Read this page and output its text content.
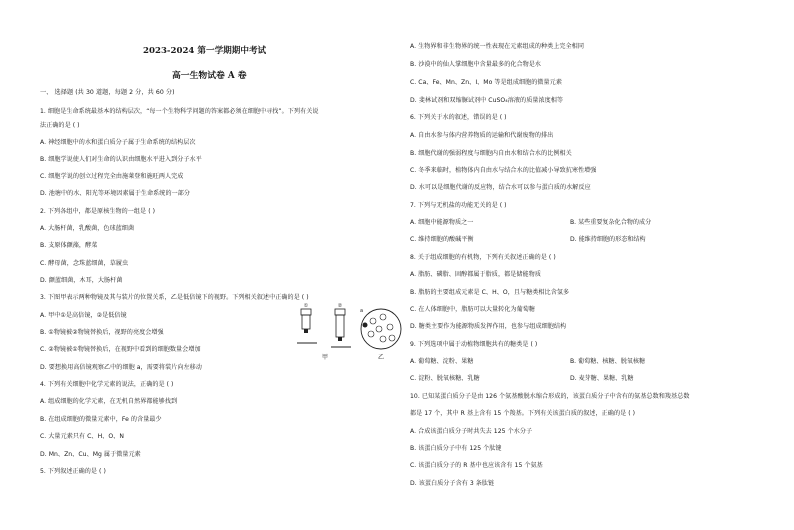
2023-2024 第一学期期中考试
高一生物试卷 A 卷
一、 选择题 (共 30 道题，每题 2 分，共 60 分)
1. 细胞是生命系统最基本的结构层次，“每一个生物科学问题的答案都必须在细胞中寻找”。下列有关说
法正确的是 ( )
A. 神经细胞中的水和蛋白质分子属于生命系统的结构层次
B. 细胞学说使人们对生命的认识由细胞水平进入到分子水平
C. 细胞学说的创立过程完全由施莱登和施旺两人完成
D. 池塘中的水、阳光等环境因素属于生命系统的一部分
2. 下列各组中，都是原核生物的一组是 ( )
A. 大肠杆菌，乳酸菌，色球蓝细菌
B. 支原体颤藻，酵菜
C. 酵母菌，念珠蓝细菌，草履虫
D. 颤蓝细菌，木耳，大肠杆菌
3. 下图甲表示两种物镜及其与装片的位置关系，乙是低倍镜下的视野。下列相关叙述中正确的是 ( )
A. 甲中①是高倍镜，②是低倍镜
B. ①物镜被②物镜替换后，视野的亮度会增强
C. ②物镜被①物镜替换后，在视野中看到的细胞数量会增加
D. 要想换用高倍镜观察乙中的细胞 a，需要将装片向左移动
4. 下列有关细胞中化学元素的说法，正确的是 ( )
A. 组成细胞的化学元素，在无机自然界都能够找到
B. 在组成细胞的微量元素中，Fe 的含量最少
C. 大量元素只有 C、H、O、N
D. Mn、Zn、Cu、Mg 属于微量元素
5. 下列叙述正确的是 ( )
①	②
甲
a
乙
A. 生物界和非生物界的统一性表现在元素组成的种类上完全相同
B. 沙漠中的仙人掌细胞中含量最多的化合物是水
C. Ca、Fe、Mn、Zn、I、Mo 等是组成细胞的微量元素
D. 斐林试剂和双缩脲试剂中 CuSO₄溶液的质量浓度相等
6. 下列关于水的叙述，错误的是 ( )
A. 自由水参与体内营养物质的运输和代谢废物的排出
B. 细胞代谢的强弱程度与细胞内自由水和结合水的比例相关
C. 冬季来临时，植物体内自由水与结合水的比值减小导致抗寒性增强
D. 水可以是细胞代谢的反应物，结合水可以参与蛋白质的水解反应
7. 下列与无机盐的功能无关的是 ( )
A. 细胞中能源物质之一	B. 某些重要复杂化合物的成分
C. 维持细胞的酸碱平衡	D. 能维持细胞的形态和结构
8. 关于组成细胞的有机物，下列有关叙述正确的是 ( )
A. 脂肪、磷脂、固醇都属于脂质，都是储能物质
B. 脂肪的主要组成元素是 C、H、O，且与糖类相比含氢多
C. 在人体细胞中，脂肪可以大量转化为葡萄糖
D. 糖类主要作为能源物质发挥作用，也参与组成细胞结构
9. 下列选项中属于动植物细胞共有的糖类是 ( )
A. 葡萄糖、淀粉、果糖	B. 葡萄糖、核糖、脱氧核糖
C. 淀粉、脱氧核糖、乳糖	D. 麦芽糖、果糖、乳糖
10. 已知某蛋白质分子是由 126 个氨基酸脱水缩合形成的，该蛋白质分子中含有的氨基总数和羧基总数
都是 17 个，其中 R 基上含有 15 个羧基。下列有关该蛋白质的叙述，正确的是 ( )
A. 合成该蛋白质分子时共失去 125 个水分子
B. 该蛋白质分子中有 125 个肽键
C. 该蛋白质分子的 R 基中也应该含有 15 个氨基
D. 该蛋白质分子含有 3 条肽链
